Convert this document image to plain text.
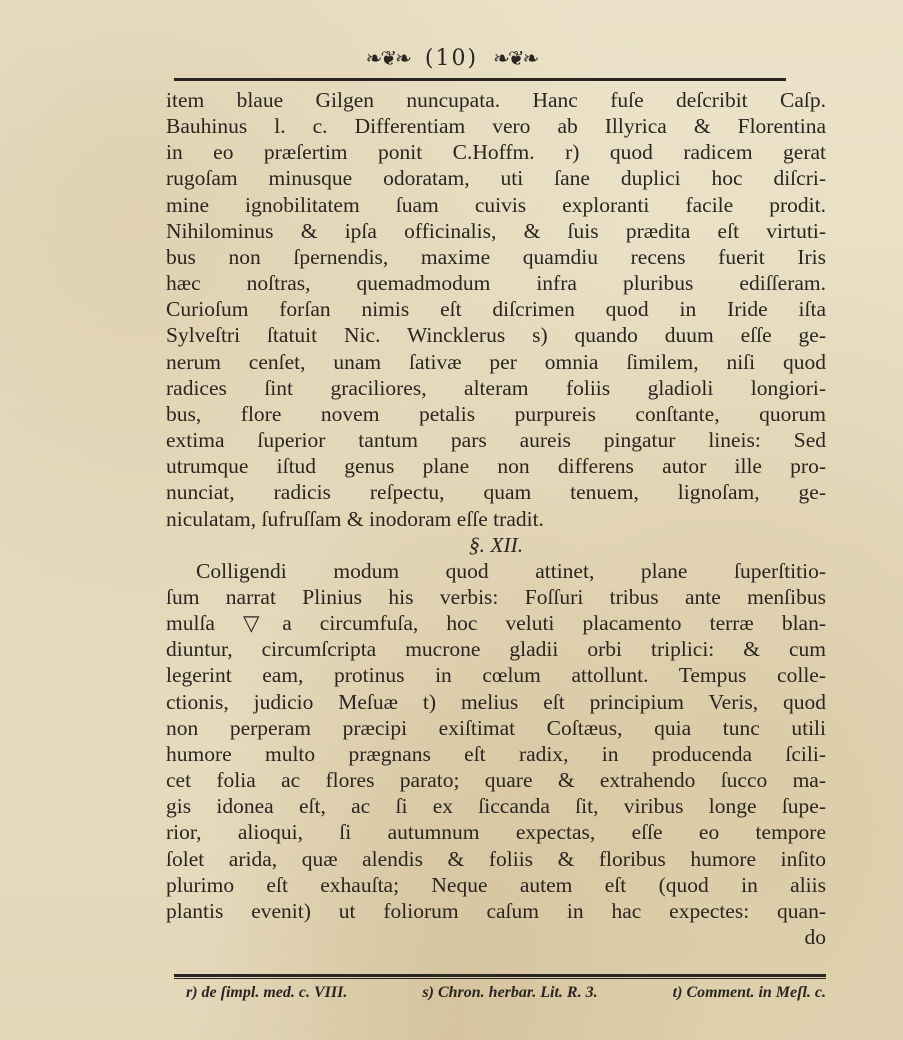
❧❦❧ (10) ❧❦❧
item blaue Gilgen nuncupata. Hanc fuſe deſcribit Caſp.
Bauhinus l. c. Differentiam vero ab Illyrica & Florentina
in eo præſertim ponit C.Hoffm. r) quod radicem gerat
rugoſam minusque odoratam, uti ſane duplici hoc diſcri-
mine ignobilitatem ſuam cuivis exploranti facile prodit.
Nihilominus & ipſa officinalis, & ſuis prædita eſt virtuti-
bus non ſpernendis, maxime quamdiu recens fuerit Iris
hæc noſtras, quemadmodum infra pluribus ediſſeram.
Curioſum forſan nimis eſt diſcrimen quod in Iride iſta
Sylveſtri ſtatuit Nic. Wincklerus s) quando duum eſſe ge-
nerum cenſet, unam ſativæ per omnia ſimilem, niſi quod
radices ſint graciliores, alteram foliis gladioli longiori-
bus, flore novem petalis purpureis conſtante, quorum
extima ſuperior tantum pars aureis pingatur lineis: Sed
utrumque iſtud genus plane non differens autor ille pro-
nunciat, radicis reſpectu, quam tenuem, lignoſam, ge-
niculatam, ſufruſſam & inodoram eſſe tradit.
§. XII.
Colligendi modum quod attinet, plane ſuperſtitio-
ſum narrat Plinius his verbis: Foſſuri tribus ante menſibus
mulſa ▽a circumfuſa, hoc veluti placamento terræ blan-
diuntur, circumſcripta mucrone gladii orbi triplici: & cum
legerint eam, protinus in cœlum attollunt. Tempus colle-
ctionis, judicio Meſuæ t) melius eſt principium Veris, quod
non perperam præcipi exiſtimat Coſtæus, quia tunc utili
humore multo prægnans eſt radix, in producenda ſcili-
cet folia ac flores parato; quare & extrahendo ſucco ma-
gis idonea eſt, ac ſi ex ſiccanda ſit, viribus longe ſupe-
rior, alioqui, ſi autumnum expectas, eſſe eo tempore
ſolet arida, quæ alendis & foliis & floribus humore inſito
plurimo eſt exhauſta; Neque autem eſt (quod in aliis
plantis evenit) ut foliorum caſum in hac expectes: quan-
do
r) de ſimpl. med. c. VIII.	s) Chron. herbar. Lit. R. 3.	t) Comment. in Meſl. c.
